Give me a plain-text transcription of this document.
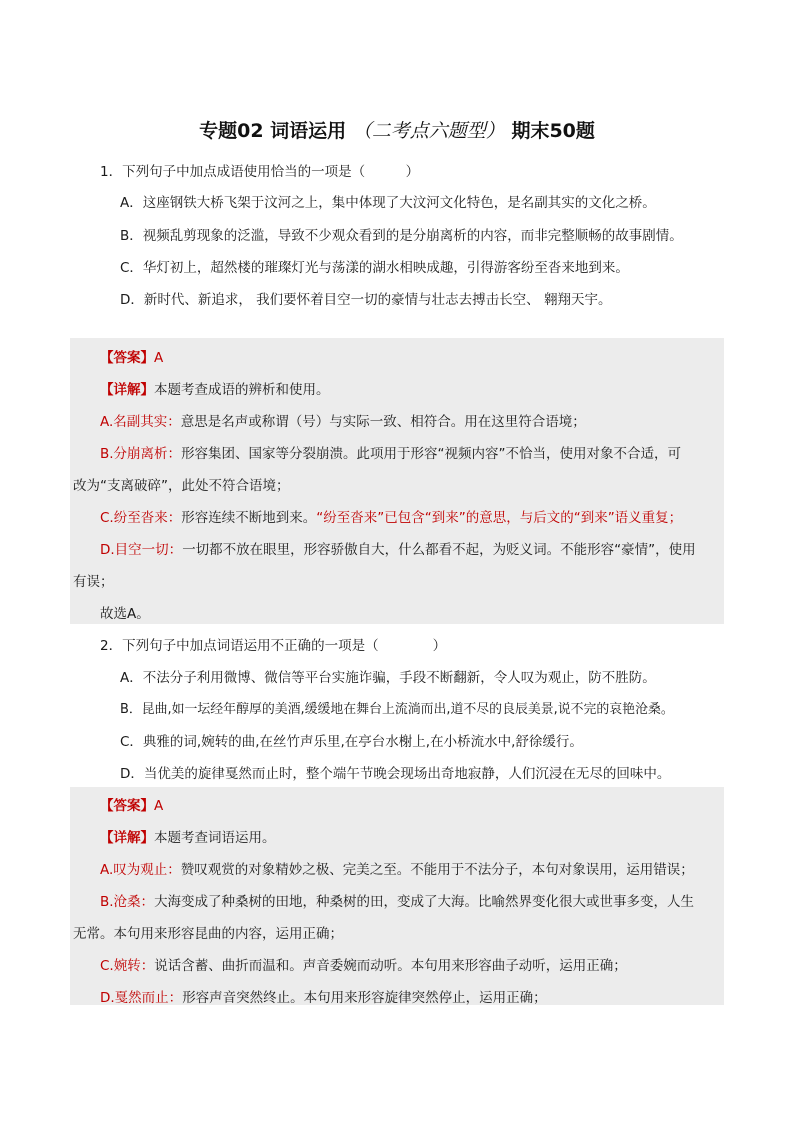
专题02 词语运用 （二考点六题型） 期末50题
1．下列句子中加点成语使用恰当的一项是（　　　）
A．这座钢铁大桥飞架于汶河之上，集中体现了大汶河文化特色，是名副其实的文化之桥。
B．视频乱剪现象的泛滥，导致不少观众看到的是分崩离析的内容，而非完整顺畅的故事剧情。
C．华灯初上，超然楼的璀璨灯光与荡漾的湖水相映成趣，引得游客纷至沓来地到来。
D．新时代、新追求， 我们要怀着目空一切的豪情与壮志去搏击长空、 翱翔天宇。
【答案】A
【详解】本题考查成语的辨析和使用。
A.名副其实：意思是名声或称谓（号）与实际一致、相符合。用在这里符合语境；
B.分崩离析：形容集团、国家等分裂崩溃。此项用于形容“视频内容”不恰当，使用对象不合适，可
改为“支离破碎”，此处不符合语境；
C.纷至沓来：形容连续不断地到来。“纷至沓来”已包含“到来”的意思，与后文的“到来”语义重复；
D.目空一切：一切都不放在眼里，形容骄傲自大，什么都看不起，为贬义词。不能形容“豪情”，使用
有误；
故选A。
2．下列句子中加点词语运用不正确的一项是（　　　　）
A．不法分子利用微博、微信等平台实施诈骗，手段不断翻新，令人叹为观止，防不胜防。
B．昆曲,如一坛经年醇厚的美酒,缓缓地在舞台上流淌而出,道不尽的良辰美景,说不完的哀艳沧桑。
C．典雅的词,婉转的曲,在丝竹声乐里,在亭台水榭上,在小桥流水中,舒徐缓行。
D．当优美的旋律戛然而止时，整个端午节晚会现场出奇地寂静，人们沉浸在无尽的回味中。
【答案】A
【详解】本题考查词语运用。
A.叹为观止：赞叹观赏的对象精妙之极、完美之至。不能用于不法分子，本句对象误用，运用错误；
B.沧桑：大海变成了种桑树的田地，种桑树的田，变成了大海。比喻然界变化很大或世事多变，人生
无常。本句用来形容昆曲的内容，运用正确；
C.婉转：说话含蓄、曲折而温和。声音委婉而动听。本句用来形容曲子动听，运用正确；
D.戛然而止：形容声音突然终止。本句用来形容旋律突然停止，运用正确；
